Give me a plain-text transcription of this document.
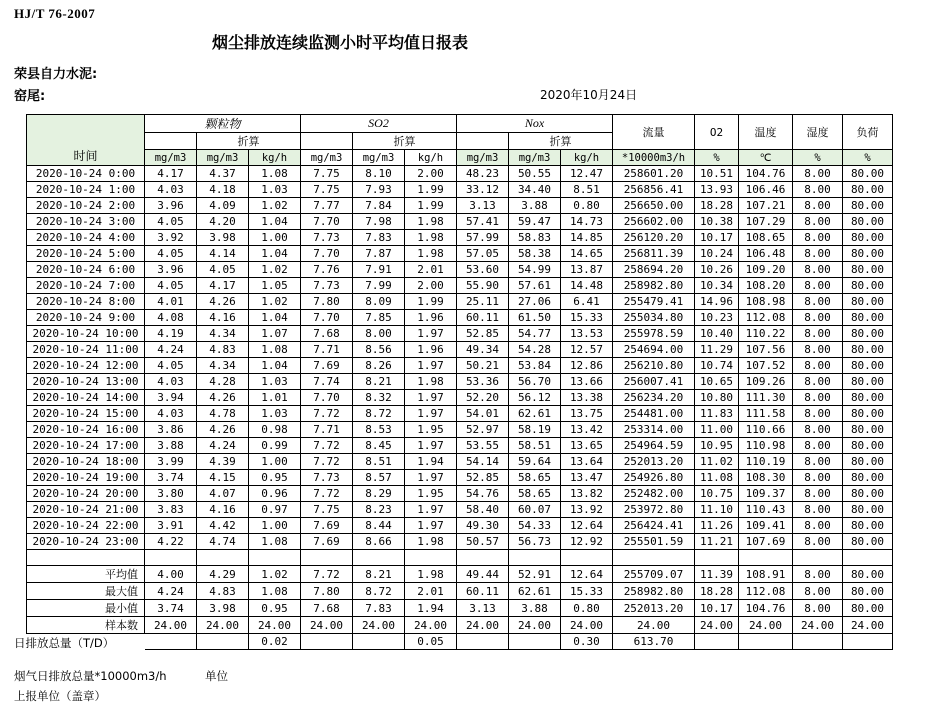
HJ/T 76-2007
烟尘排放连续监测小时平均值日报表
荣县自力水泥:
窑尾:	2020年10月24日
时间	颗粒物			SO2			Nox			流量	O2	温度	湿度	负荷
		折算			折算			折算						
	mg/m3	mg/m3	kg/h	mg/m3	mg/m3	kg/h	mg/m3	mg/m3	kg/h	*10000m3/h	%	℃	%	%
2020-10-24 0:00	4.17	4.37	1.08	7.75	8.10	2.00	48.23	50.55	12.47	258601.20	10.51	104.76	8.00	80.00
2020-10-24 1:00	4.03	4.18	1.03	7.75	7.93	1.99	33.12	34.40	8.51	256856.41	13.93	106.46	8.00	80.00
2020-10-24 2:00	3.96	4.09	1.02	7.77	7.84	1.99	3.13	3.88	0.80	256650.00	18.28	107.21	8.00	80.00
2020-10-24 3:00	4.05	4.20	1.04	7.70	7.98	1.98	57.41	59.47	14.73	256602.00	10.38	107.29	8.00	80.00
2020-10-24 4:00	3.92	3.98	1.00	7.73	7.83	1.98	57.99	58.83	14.85	256120.20	10.17	108.65	8.00	80.00
2020-10-24 5:00	4.05	4.14	1.04	7.70	7.87	1.98	57.05	58.38	14.65	256811.39	10.24	106.48	8.00	80.00
2020-10-24 6:00	3.96	4.05	1.02	7.76	7.91	2.01	53.60	54.99	13.87	258694.20	10.26	109.20	8.00	80.00
2020-10-24 7:00	4.05	4.17	1.05	7.73	7.99	2.00	55.90	57.61	14.48	258982.80	10.34	108.20	8.00	80.00
2020-10-24 8:00	4.01	4.26	1.02	7.80	8.09	1.99	25.11	27.06	6.41	255479.41	14.96	108.98	8.00	80.00
2020-10-24 9:00	4.08	4.16	1.04	7.70	7.85	1.96	60.11	61.50	15.33	255034.80	10.23	112.08	8.00	80.00
2020-10-24 10:00	4.19	4.34	1.07	7.68	8.00	1.97	52.85	54.77	13.53	255978.59	10.40	110.22	8.00	80.00
2020-10-24 11:00	4.24	4.83	1.08	7.71	8.56	1.96	49.34	54.28	12.57	254694.00	11.29	107.56	8.00	80.00
2020-10-24 12:00	4.05	4.34	1.04	7.69	8.26	1.97	50.21	53.84	12.86	256210.80	10.74	107.52	8.00	80.00
2020-10-24 13:00	4.03	4.28	1.03	7.74	8.21	1.98	53.36	56.70	13.66	256007.41	10.65	109.26	8.00	80.00
2020-10-24 14:00	3.94	4.26	1.01	7.70	8.32	1.97	52.20	56.12	13.38	256234.20	10.80	111.30	8.00	80.00
2020-10-24 15:00	4.03	4.78	1.03	7.72	8.72	1.97	54.01	62.61	13.75	254481.00	11.83	111.58	8.00	80.00
2020-10-24 16:00	3.86	4.26	0.98	7.71	8.53	1.95	52.97	58.19	13.42	253314.00	11.00	110.66	8.00	80.00
2020-10-24 17:00	3.88	4.24	0.99	7.72	8.45	1.97	53.55	58.51	13.65	254964.59	10.95	110.98	8.00	80.00
2020-10-24 18:00	3.99	4.39	1.00	7.72	8.51	1.94	54.14	59.64	13.64	252013.20	11.02	110.19	8.00	80.00
2020-10-24 19:00	3.74	4.15	0.95	7.73	8.57	1.97	52.85	58.65	13.47	254926.80	11.08	108.30	8.00	80.00
2020-10-24 20:00	3.80	4.07	0.96	7.72	8.29	1.95	54.76	58.65	13.82	252482.00	10.75	109.37	8.00	80.00
2020-10-24 21:00	3.83	4.16	0.97	7.75	8.23	1.97	58.40	60.07	13.92	253972.80	11.10	110.43	8.00	80.00
2020-10-24 22:00	3.91	4.42	1.00	7.69	8.44	1.97	49.30	54.33	12.64	256424.41	11.26	109.41	8.00	80.00
2020-10-24 23:00	4.22	4.74	1.08	7.69	8.66	1.98	50.57	56.73	12.92	255501.59	11.21	107.69	8.00	80.00

平均值	4.00	4.29	1.02	7.72	8.21	1.98	49.44	52.91	12.64	255709.07	11.39	108.91	8.00	80.00
最大值	4.24	4.83	1.08	7.80	8.72	2.01	60.11	62.61	15.33	258982.80	18.28	112.08	8.00	80.00
最小值	3.74	3.98	0.95	7.68	7.83	1.94	3.13	3.88	0.80	252013.20	10.17	104.76	8.00	80.00
样本数	24.00	24.00	24.00	24.00	24.00	24.00	24.00	24.00	24.00	24.00	24.00	24.00	24.00	24.00
			0.02			0.05			0.30	613.70				
烟气日排放总量*10000m3/h
上报单位（盖章）
单位
日排放总量（T/D）
